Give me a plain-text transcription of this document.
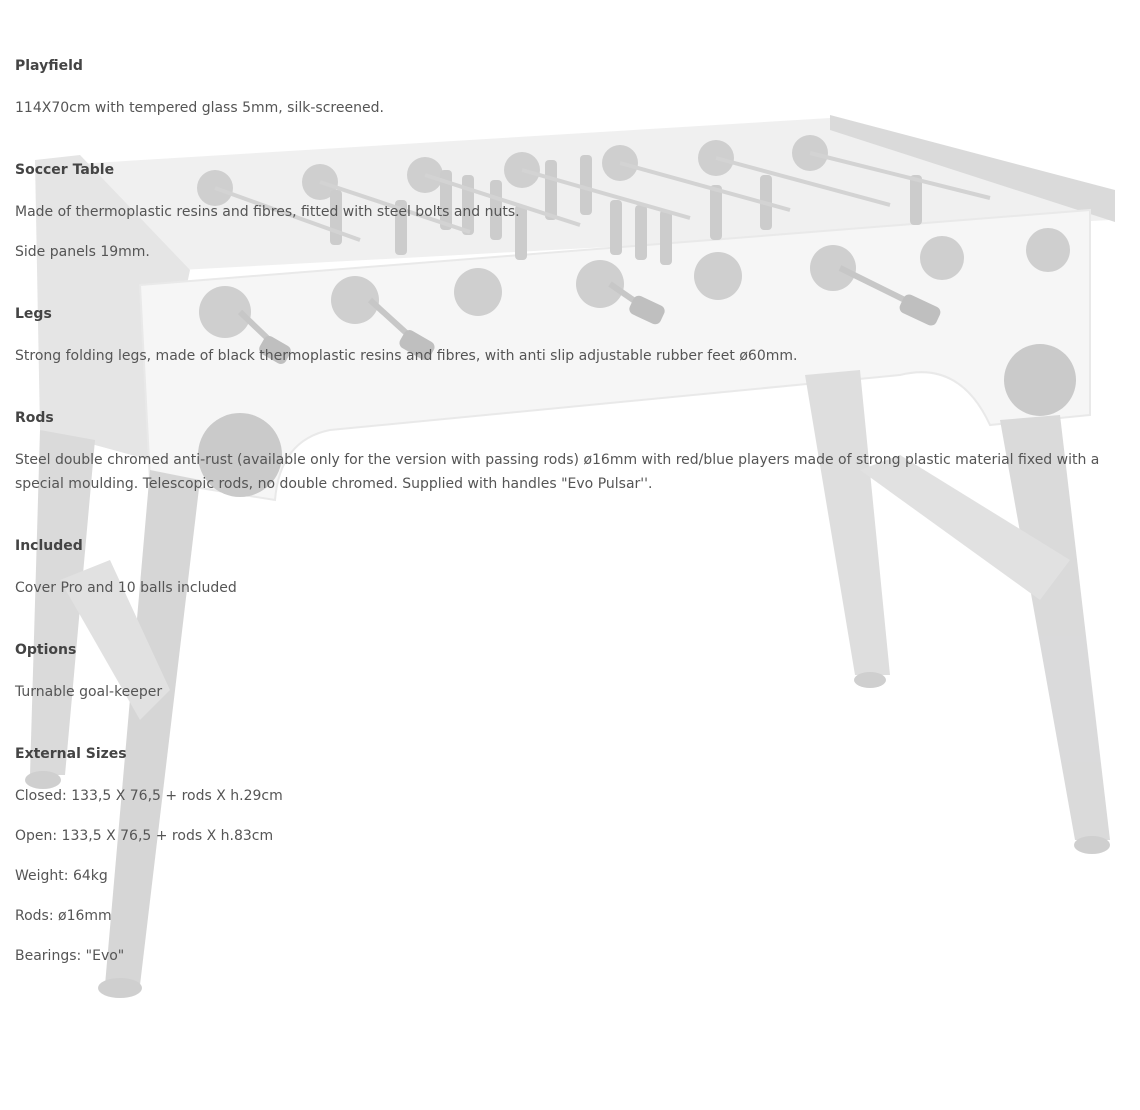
Playfield
114X70cm with tempered glass 5mm, silk-screened.
Soccer Table
Made of thermoplastic resins and fibres, fitted with steel bolts and nuts.
Side panels 19mm.
Legs
Strong folding legs, made of black thermoplastic resins and fibres, with anti slip adjustable rubber feet ø60mm.
Rods
Steel double chromed anti-rust (available only for the version with passing rods) ø16mm with red/blue players made of strong plastic material fixed with a special moulding. Telescopic rods, no double chromed. Supplied with handles "Evo Pulsar''.
Included
Cover Pro and 10 balls included
Options
Turnable goal-keeper
External Sizes
Closed: 133,5 X 76,5 + rods X h.29cm
Open: 133,5 X 76,5 + rods X h.83cm
Weight: 64kg
Rods: ø16mm
Bearings: "Evo"
